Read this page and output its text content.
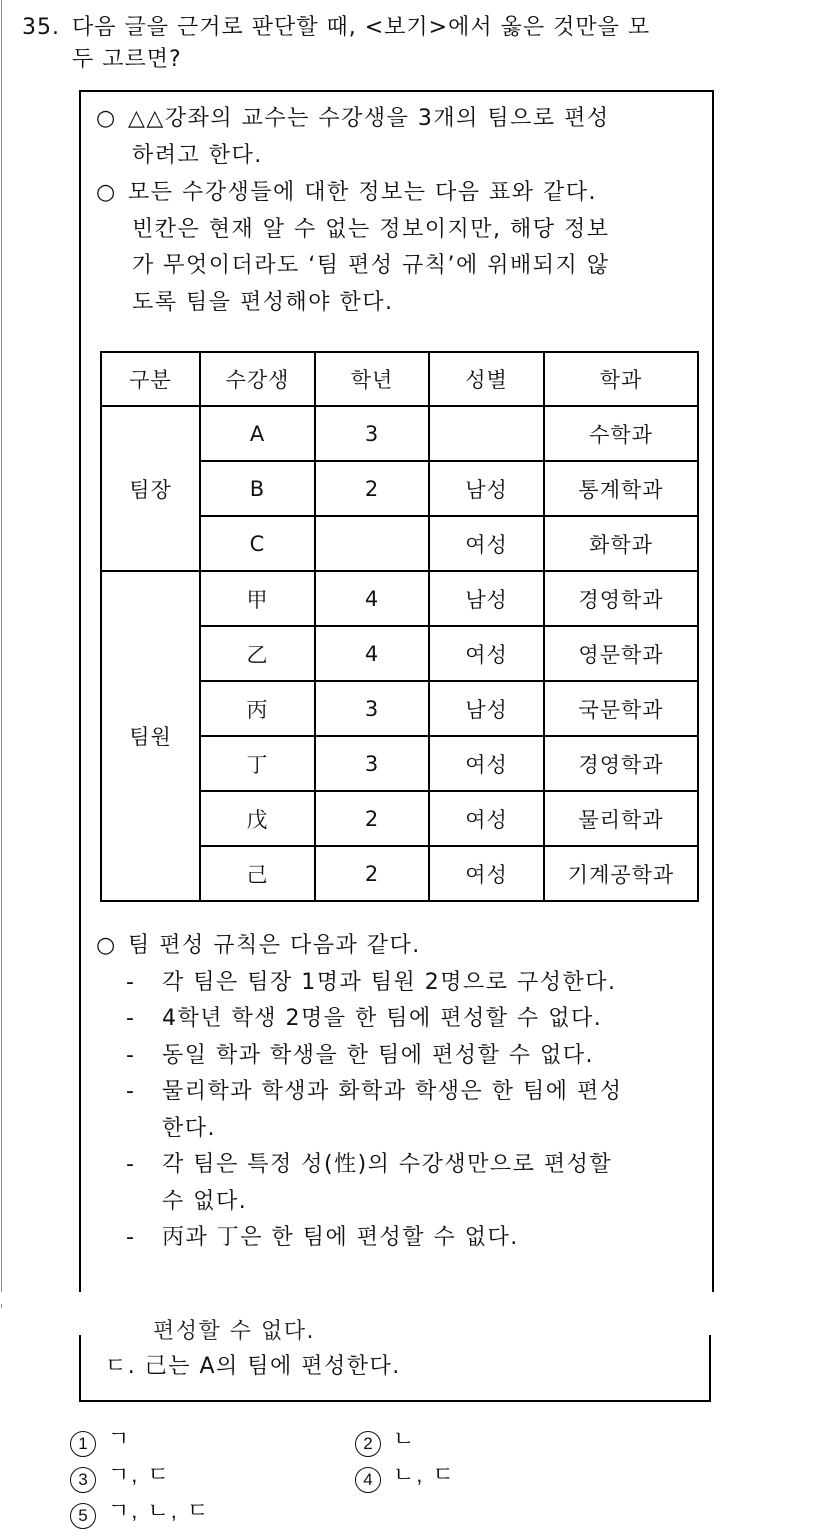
35. 다음 글을 근거로 판단할 때, <보기>에서 옳은 것만을 모
두 고르면?
○ △△강좌의 교수는 수강생을 3개의 팀으로 편성
하려고 한다.
○ 모든 수강생들에 대한 정보는 다음 표와 같다.
빈칸은 현재 알 수 없는 정보이지만, 해당 정보
가 무엇이더라도 ‘팀 편성 규칙’에 위배되지 않
도록 팀을 편성해야 한다.
구분	수강생	학년	성별	학과
팀장	A	3		수학과
	B	2	남성	통계학과
	C		여성	화학과
팀원	甲	4	남성	경영학과
	乙	4	여성	영문학과
	丙	3	남성	국문학과
	丁	3	여성	경영학과
	戊	2	여성	물리학과
	己	2	여성	기계공학과
○ 팀 편성 규칙은 다음과 같다.
- 각 팀은 팀장 1명과 팀원 2명으로 구성한다.
- 4학년 학생 2명을 한 팀에 편성할 수 없다.
- 동일 학과 학생을 한 팀에 편성할 수 없다.
- 물리학과 학생과 화학과 학생은 한 팀에 편성
한다.
- 각 팀은 특정 성(性)의 수강생만으로 편성할
수 없다.
- 丙과 丁은 한 팀에 편성할 수 없다.
편성할 수 없다.
ㄷ. 己는 A의 팀에 편성한다.
1 ㄱ	2 ㄴ
3 ㄱ, ㄷ	4 ㄴ, ㄷ
5 ㄱ, ㄴ, ㄷ
